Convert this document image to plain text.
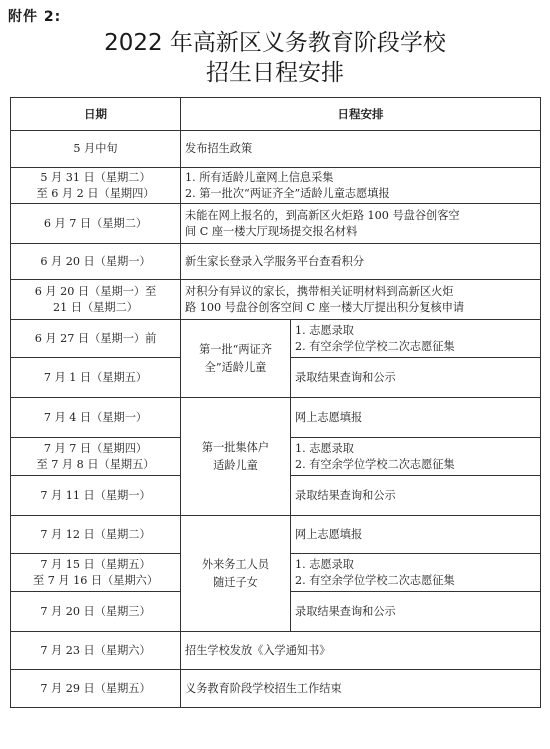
附件 2:
2022 年高新区义务教育阶段学校
招生日程安排
日期	日程安排	
5 月中旬	发布招生政策	
5 月 31 日（星期二）
至 6 月 2 日（星期四）	1. 所有适龄儿童网上信息采集
2. 第一批次“两证齐全”适龄儿童志愿填报	
6 月 7 日（星期二）	未能在网上报名的，到高新区火炬路 100 号盘谷创客空
间 C 座一楼大厅现场提交报名材料	
6 月 20 日（星期一）	新生家长登录入学服务平台查看积分	
6 月 20 日（星期一）至
21 日（星期二）	对积分有异议的家长，携带相关证明材料到高新区火炬
路 100 号盘谷创客空间 C 座一楼大厅提出积分复核申请	
6 月 27 日（星期一）前	第一批“两证齐
全”适龄儿童	1. 志愿录取
2. 有空余学位学校二次志愿征集
7 月 1 日（星期五）		录取结果查询和公示
7 月 4 日（星期一）	第一批集体户
适龄儿童	网上志愿填报
7 月 7 日（星期四）
至 7 月 8 日（星期五）		1. 志愿录取
2. 有空余学位学校二次志愿征集
7 月 11 日（星期一）		录取结果查询和公示
7 月 12 日（星期二）	外来务工人员
随迁子女	网上志愿填报
7 月 15 日（星期五）
至 7 月 16 日（星期六）		1. 志愿录取
2. 有空余学位学校二次志愿征集
7 月 20 日（星期三）		录取结果查询和公示
7 月 23 日（星期六）	招生学校发放《入学通知书》	
7 月 29 日（星期五）	义务教育阶段学校招生工作结束	
